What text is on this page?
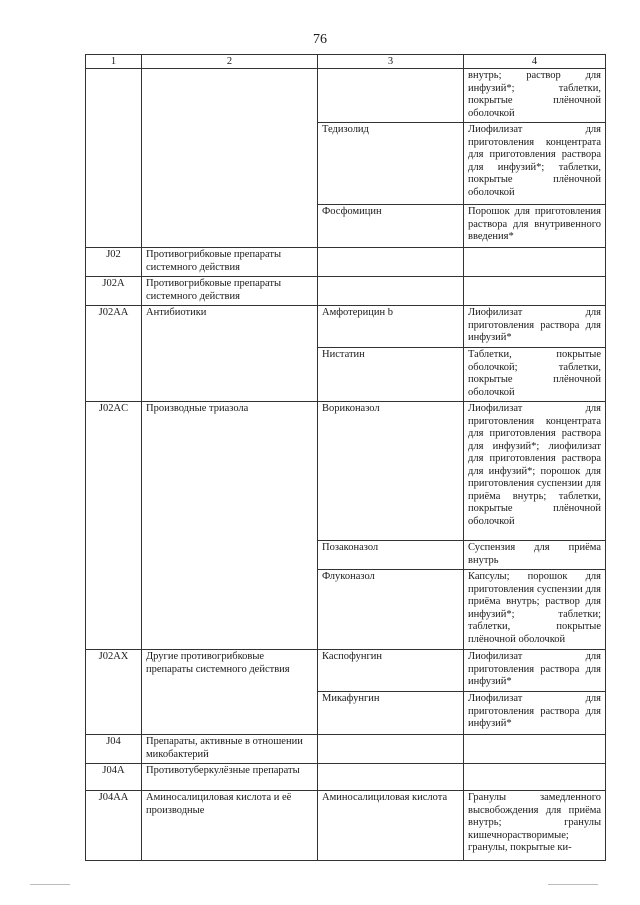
76
1	2	3	4
			внутрь; раствор для инфузий*; таблетки, покрытые плёночной оболочкой
		Тедизолид	Лиофилизат для приготовления концентрата для приготовления раствора для инфузий*; таблетки, покрытые плёночной оболочкой
		Фосфомицин	Порошок для приготовления раствора для внутривенного введения*
J02	Противогрибковые препараты системного действия		
J02A	Противогрибковые препараты системного действия		
J02AA	Антибиотики	Амфотерицин b	Лиофилизат для приготовления раствора для инфузий*
		Нистатин	Таблетки, покрытые оболочкой; таблетки, покрытые плёночной оболочкой
J02AC	Производные триазола	Вориконазол	Лиофилизат для приготовления концентрата для приготовления раствора для инфузий*; лиофилизат для приготовления раствора для инфузий*; порошок для приготовления суспензии для приёма внутрь; таблетки, покрытые плёночной оболочкой
		Позаконазол	Суспензия для приёма внутрь
		Флуконазол	Капсулы; порошок для приготовления суспензии для приёма внутрь; раствор для инфузий*; таблетки; таблетки, покрытые плёночной оболочкой
J02AX	Другие противогрибковые препараты системного действия	Каспофунгин	Лиофилизат для приготовления раствора для инфузий*
		Микафунгин	Лиофилизат для приготовления раствора для инфузий*
J04	Препараты, активные в отношении микобактерий		
J04A	Противотуберкулёзные препараты		
J04AA	Аминосалициловая кислота и её производные	Аминосалициловая кислота	Гранулы замедленного высвобождения для приёма внутрь; гранулы кишечнорастворимые; гранулы, покрытые ки-
